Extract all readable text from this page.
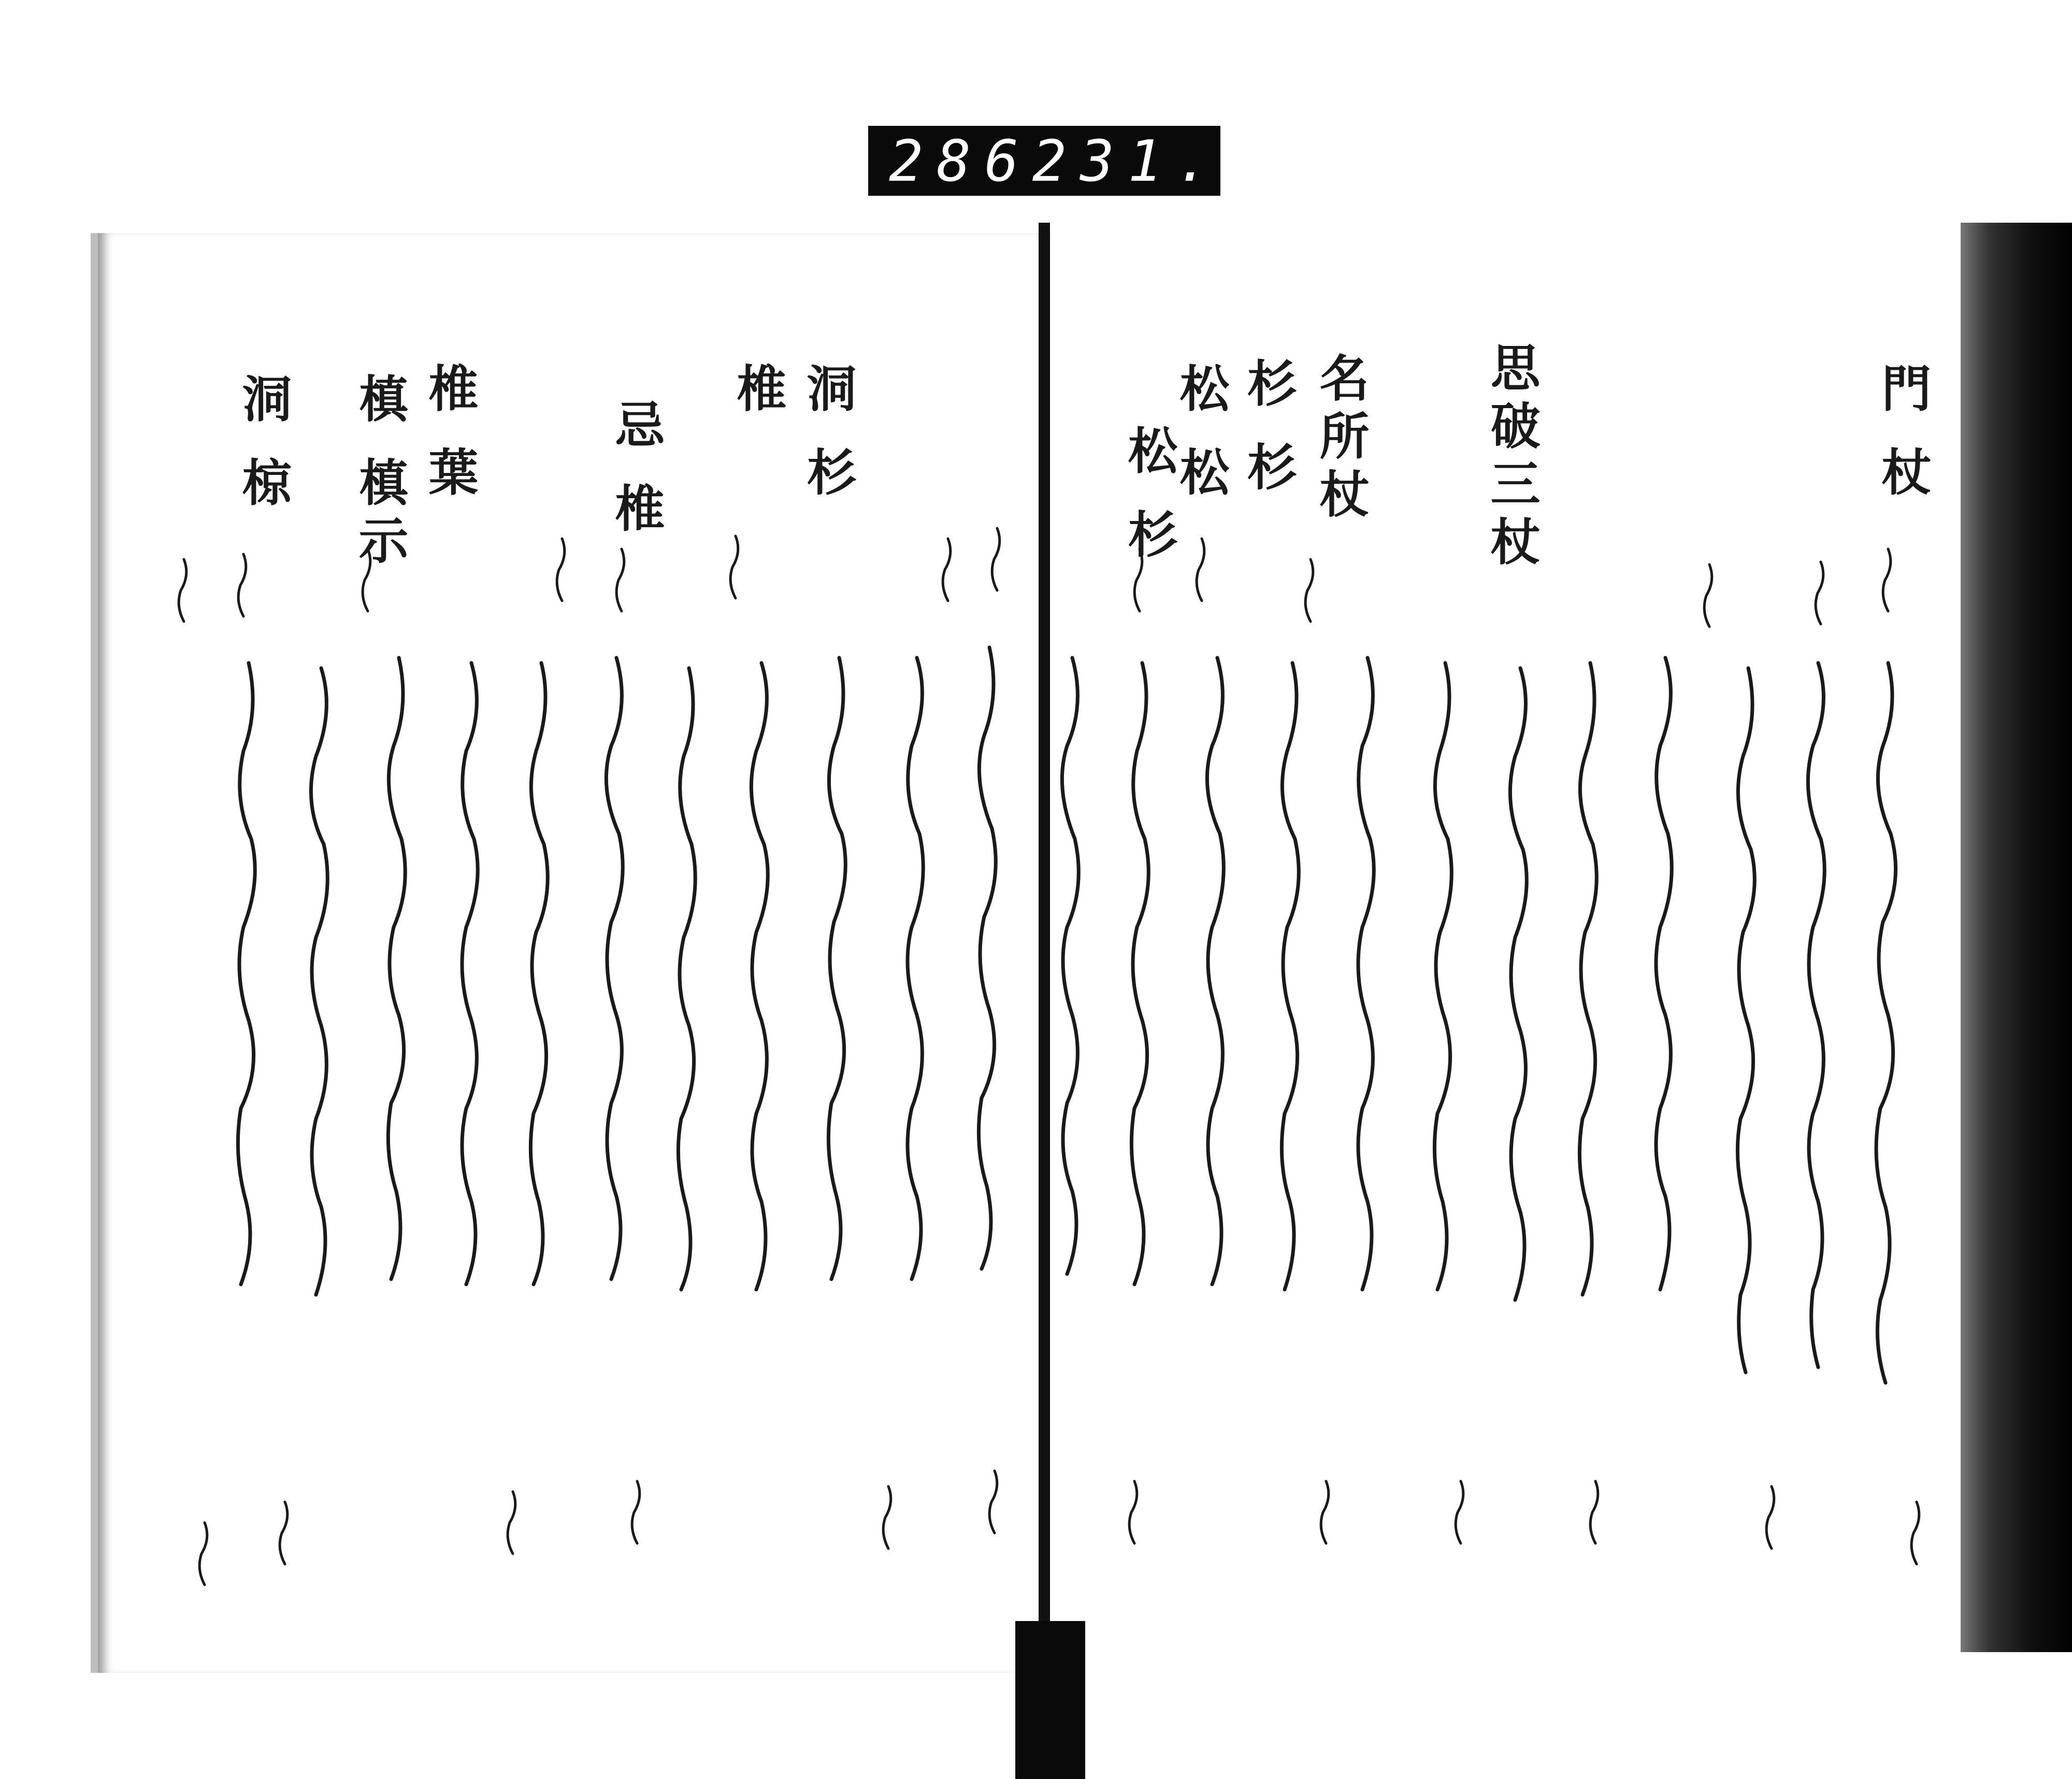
286 231.
門 杖
思破三杖
名所杖
杉 杉
松 松
松 杉
洞 杉
椎
忌 椎
椎 葉
槙 槙示
洞 椋
